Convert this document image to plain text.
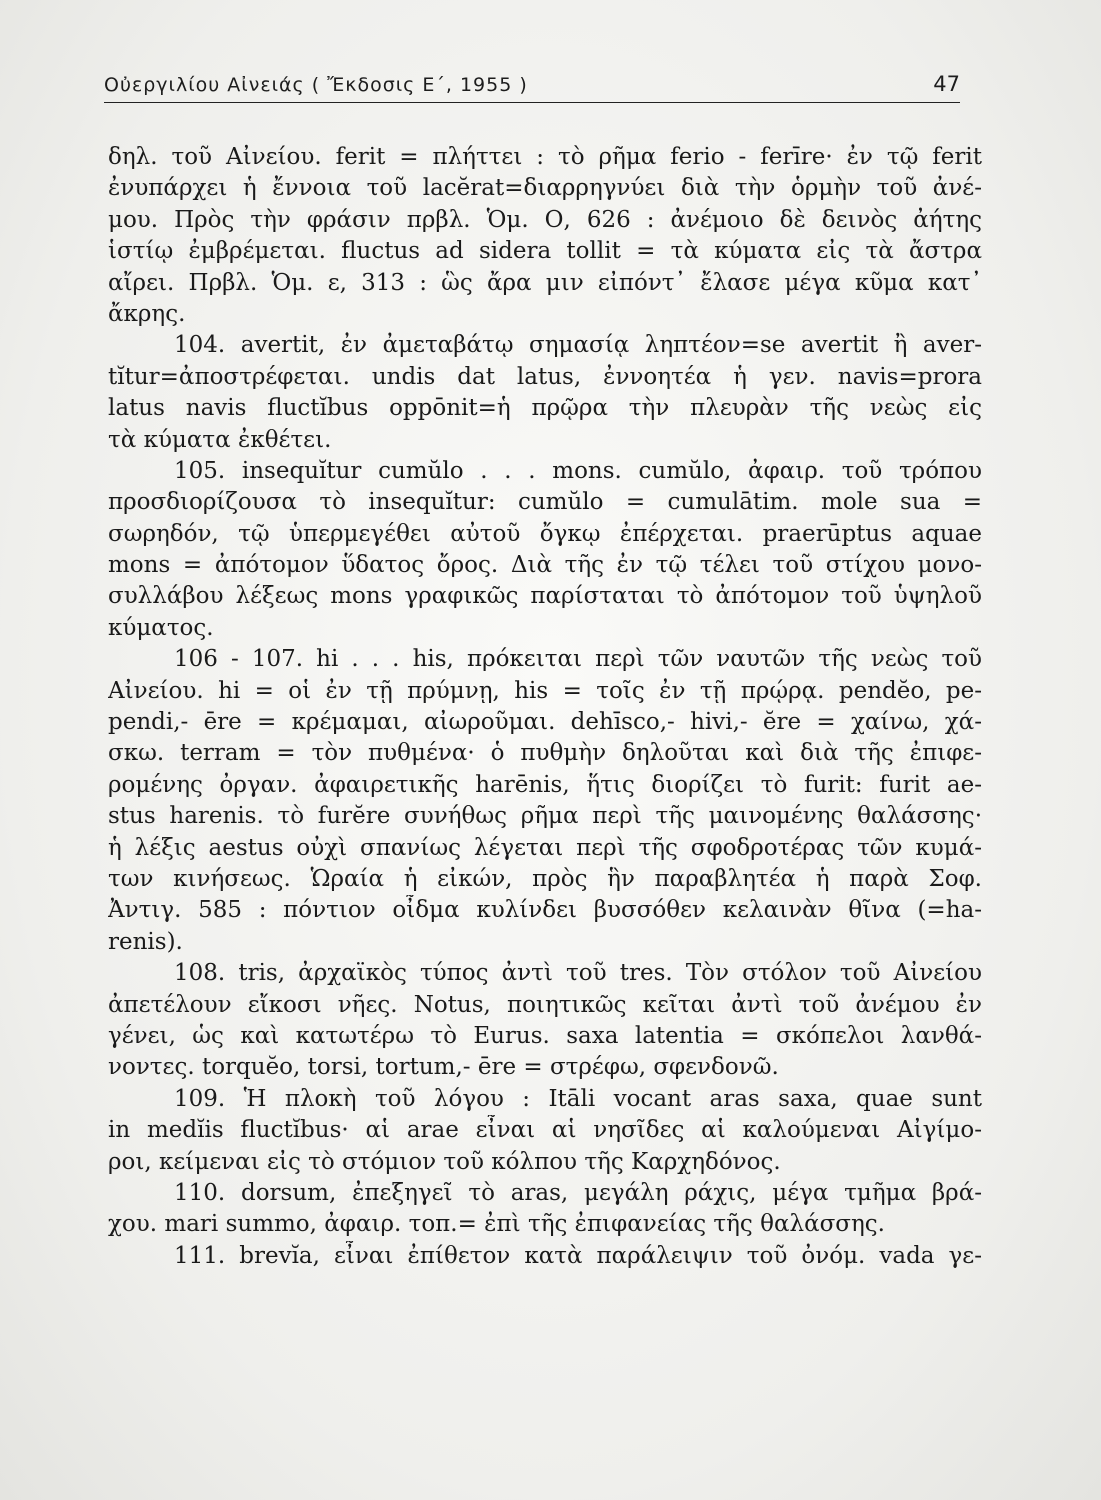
Οὐεργιλίου Αἰνειάς ( Ἔκδοσις Ε΄, 1955 )	47
δηλ. τοῦ Αἰνείου. ferit = πλήττει : τὸ ρῆμα ferio - ferīre· ἐν τῷ ferit
ἐνυπάρχει ἡ ἔννοια τοῦ lacĕrat=διαρρηγνύει διὰ τὴν ὁρμὴν τοῦ ἀνέ-
μου. Πρὸς τὴν φράσιν πρβλ. Ὁμ. Ο, 626 : ἀνέμοιο δὲ δεινὸς ἀήτης
ἱστίῳ ἐμβρέμεται. fluctus ad sidera tollit = τὰ κύματα εἰς τὰ ἄστρα
αἴρει. Πρβλ. Ὁμ. ε, 313 : ὣς ἄρα μιν εἰπόντ᾿ ἔλασε μέγα κῦμα κατ᾿
ἄκρης.
104. avertit, ἐν ἀμεταβάτῳ σημασίᾳ ληπτέον=se avertit ἢ aver-
tĭtur=ἀποστρέφεται. undis dat latus, ἐννοητέα ἡ γεν. navis=prora
latus navis fluctĭbus oppōnit=ἡ πρῷρα τὴν πλευρὰν τῆς νεὼς εἰς
τὰ κύματα ἐκθέτει.
105. insequĭtur cumŭlo . . . mons. cumŭlo, ἀφαιρ. τοῦ τρόπου
προσδιορίζουσα τὸ insequĭtur: cumŭlo = cumulātim. mole sua =
σωρηδόν, τῷ ὑπερμεγέθει αὐτοῦ ὄγκῳ ἐπέρχεται. praerūptus aquae
mons = ἀπότομον ὕδατος ὄρος. Διὰ τῆς ἐν τῷ τέλει τοῦ στίχου μονο-
συλλάβου λέξεως mons γραφικῶς παρίσταται τὸ ἀπότομον τοῦ ὑψηλοῦ
κύματος.
106 - 107. hi . . . his, πρόκειται περὶ τῶν ναυτῶν τῆς νεὼς τοῦ
Αἰνείου. hi = οἱ ἐν τῇ πρύμνῃ, his = τοῖς ἐν τῇ πρῴρᾳ. pendĕo, pe-
pendi,- ēre = κρέμαμαι, αἰωροῦμαι. dehīsco,- hivi,- ĕre = χαίνω, χά-
σκω. terram = τὸν πυθμένα· ὁ πυθμὴν δηλοῦται καὶ διὰ τῆς ἐπιφε-
ρομένης ὀργαν. ἀφαιρετικῆς harēnis, ἥτις διορίζει τὸ furit: furit ae-
stus harenis. τὸ furĕre συνήθως ρῆμα περὶ τῆς μαινομένης θαλάσσης·
ἡ λέξις aestus οὐχὶ σπανίως λέγεται περὶ τῆς σφοδροτέρας τῶν κυμά-
των κινήσεως. Ὡραία ἡ εἰκών, πρὸς ἣν παραβλητέα ἡ παρὰ Σοφ.
Ἀντιγ. 585 : πόντιον οἶδμα κυλίνδει βυσσόθεν κελαινὰν θῖνα (=ha-
renis).
108. tris, ἀρχαϊκὸς τύπος ἀντὶ τοῦ tres. Τὸν στόλον τοῦ Αἰνείου
ἀπετέλουν εἴκοσι νῆες. Notus, ποιητικῶς κεῖται ἀντὶ τοῦ ἀνέμου ἐν
γένει, ὡς καὶ κατωτέρω τὸ Eurus. saxa latentia = σκόπελοι λανθά-
νοντες. torquĕo, torsi, tortum,- ēre = στρέφω, σφενδονῶ.
109. Ἡ πλοκὴ τοῦ λόγου : Itāli vocant aras saxa, quae sunt
in medĭis fluctĭbus· αἱ arae εἶναι αἱ νησῖδες αἱ καλούμεναι Αἰγίμο-
ροι, κείμεναι εἰς τὸ στόμιον τοῦ κόλπου τῆς Καρχηδόνος.
110. dorsum, ἐπεξηγεῖ τὸ aras, μεγάλη ράχις, μέγα τμῆμα βρά-
χου. mari summo, ἀφαιρ. τοπ.= ἐπὶ τῆς ἐπιφανείας τῆς θαλάσσης.
111. brevĭa, εἶναι ἐπίθετον κατὰ παράλειψιν τοῦ ὀνόμ. vada γε-
